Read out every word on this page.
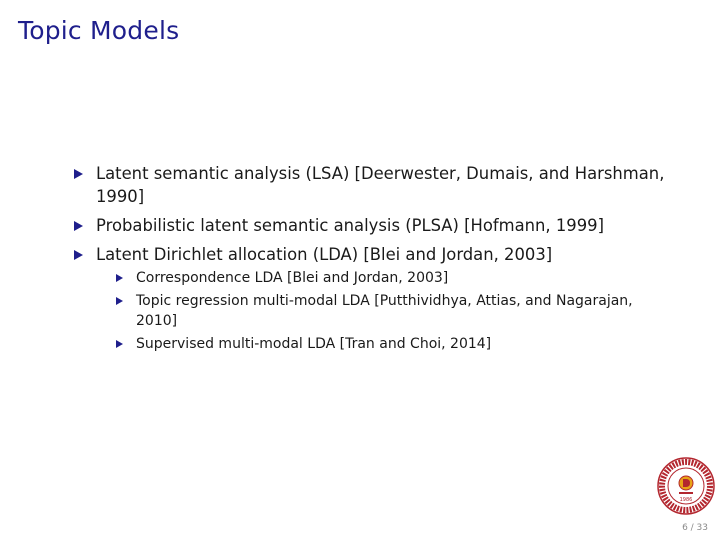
Topic Models
Latent semantic analysis (LSA) [Deerwester, Dumais, and Harshman, 1990]
Probabilistic latent semantic analysis (PLSA) [Hofmann, 1999]
Latent Dirichlet allocation (LDA) [Blei and Jordan, 2003]
Correspondence LDA [Blei and Jordan, 2003]
Topic regression multi-modal LDA [Putthividhya, Attias, and Nagarajan, 2010]
Supervised multi-modal LDA [Tran and Choi, 2014]
1986
6 / 33
